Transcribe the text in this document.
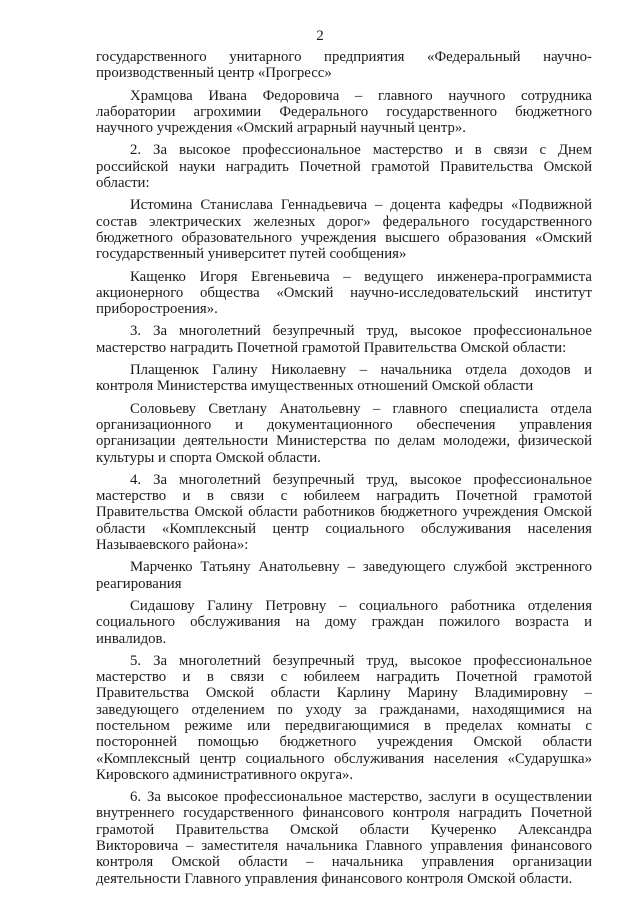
2
государственного унитарного предприятия «Федеральный научно-
производственный центр «Прогресс»
Храмцова Ивана Федоровича – главного научного сотрудника
лаборатории агрохимии Федерального государственного бюджетного
научного учреждения «Омский аграрный научный центр».
2. За высокое профессиональное мастерство и в связи с Днем
российской науки наградить Почетной грамотой Правительства Омской
области:
Истомина Станислава Геннадьевича – доцента кафедры «Подвижной
состав электрических железных дорог» федерального государственного
бюджетного образовательного учреждения высшего образования «Омский
государственный университет путей сообщения»
Кащенко Игоря Евгеньевича – ведущего инженера-программиста
акционерного общества «Омский научно-исследовательский институт
приборостроения».
3. За многолетний безупречный труд, высокое профессиональное
мастерство наградить Почетной грамотой Правительства Омской области:
Плащенюк Галину Николаевну – начальника отдела доходов и
контроля Министерства имущественных отношений Омской области
Соловьеву Светлану Анатольевну – главного специалиста отдела
организационного и документационного обеспечения управления
организации деятельности Министерства по делам молодежи, физической
культуры и спорта Омской области.
4. За многолетний безупречный труд, высокое профессиональное
мастерство и в связи с юбилеем наградить Почетной грамотой
Правительства Омской области работников бюджетного учреждения Омской
области «Комплексный центр социального обслуживания населения
Называевского района»:
Марченко Татьяну Анатольевну – заведующего службой экстренного
реагирования
Сидашову Галину Петровну – социального работника отделения
социального обслуживания на дому граждан пожилого возраста и
инвалидов.
5. За многолетний безупречный труд, высокое профессиональное
мастерство и в связи с юбилеем наградить Почетной грамотой
Правительства Омской области Карлину Марину Владимировну –
заведующего отделением по уходу за гражданами, находящимися на
постельном режиме или передвигающимися в пределах комнаты с
посторонней помощью бюджетного учреждения Омской области
«Комплексный центр социального обслуживания населения «Сударушка»
Кировского административного округа».
6. За высокое профессиональное мастерство, заслуги в осуществлении
внутреннего государственного финансового контроля наградить Почетной
грамотой Правительства Омской области Кучеренко Александра
Викторовича – заместителя начальника Главного управления финансового
контроля Омской области – начальника управления организации
деятельности Главного управления финансового контроля Омской области.
